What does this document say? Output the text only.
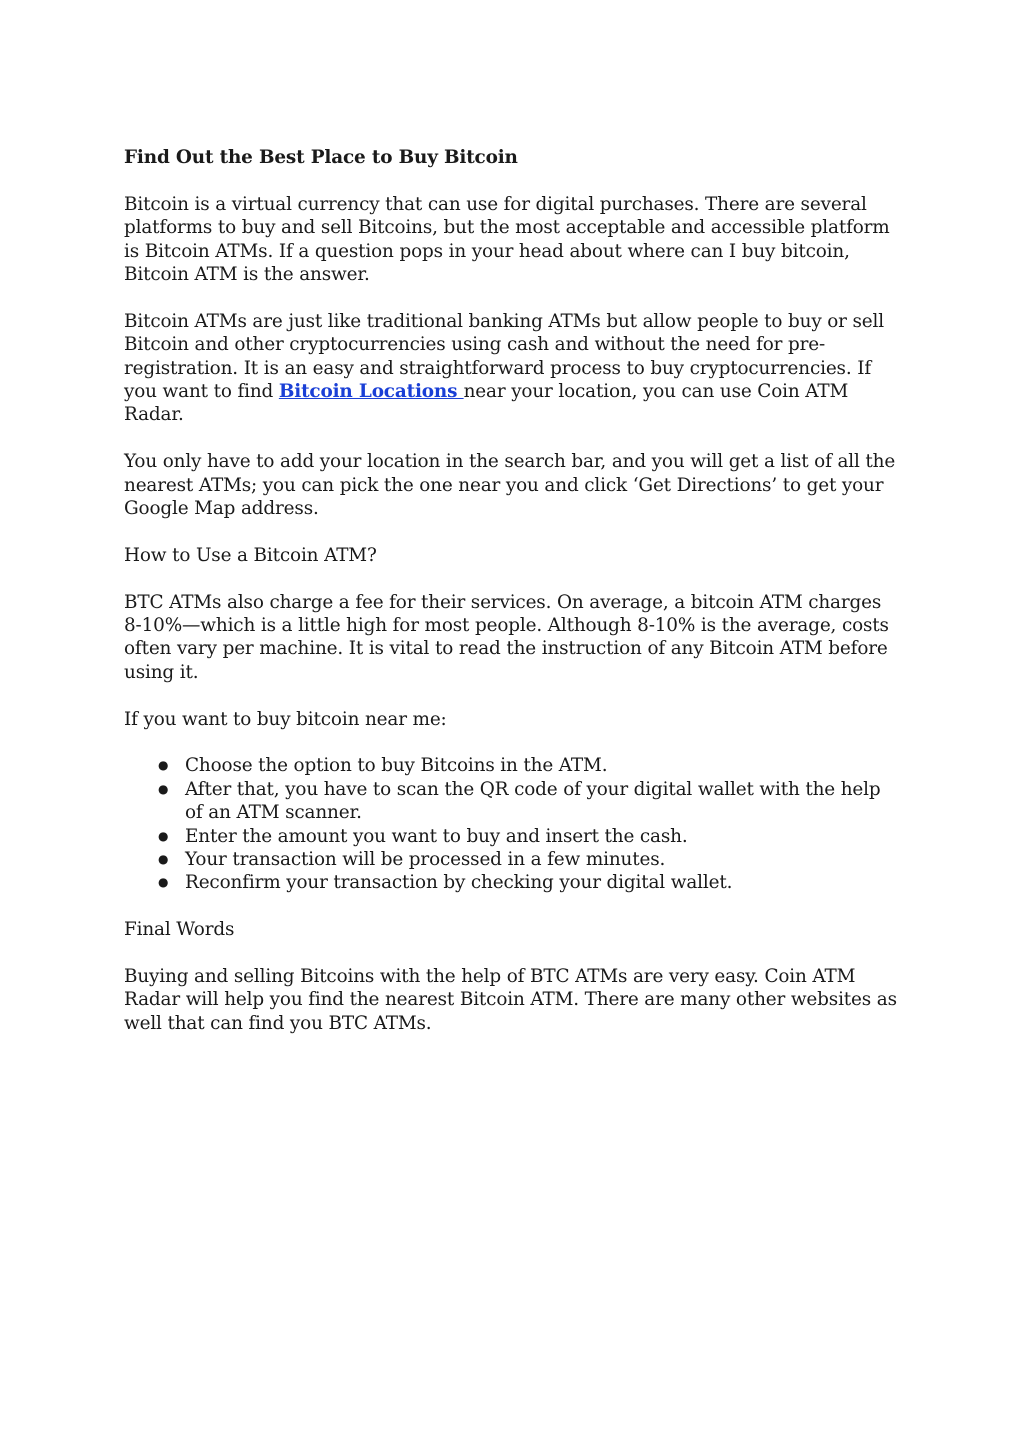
Find Out the Best Place to Buy Bitcoin

Bitcoin is a virtual currency that can use for digital purchases. There are several platforms to buy and sell Bitcoins, but the most acceptable and accessible platform is Bitcoin ATMs. If a question pops in your head about where can I buy bitcoin, Bitcoin ATM is the answer.

Bitcoin ATMs are just like traditional banking ATMs but allow people to buy or sell Bitcoin and other cryptocurrencies using cash and without the need for pre-registration. It is an easy and straightforward process to buy cryptocurrencies. If you want to find Bitcoin Locations near your location, you can use Coin ATM Radar.

You only have to add your location in the search bar, and you will get a list of all the nearest ATMs; you can pick the one near you and click ‘Get Directions’ to get your Google Map address.

How to Use a Bitcoin ATM?

BTC ATMs also charge a fee for their services. On average, a bitcoin ATM charges 8-10%—which is a little high for most people. Although 8-10% is the average, costs often vary per machine. It is vital to read the instruction of any Bitcoin ATM before using it.

If you want to buy bitcoin near me:

● Choose the option to buy Bitcoins in the ATM.
● After that, you have to scan the QR code of your digital wallet with the help of an ATM scanner.
● Enter the amount you want to buy and insert the cash.
● Your transaction will be processed in a few minutes.
● Reconfirm your transaction by checking your digital wallet.

Final Words

Buying and selling Bitcoins with the help of BTC ATMs are very easy. Coin ATM Radar will help you find the nearest Bitcoin ATM. There are many other websites as well that can find you BTC ATMs.
